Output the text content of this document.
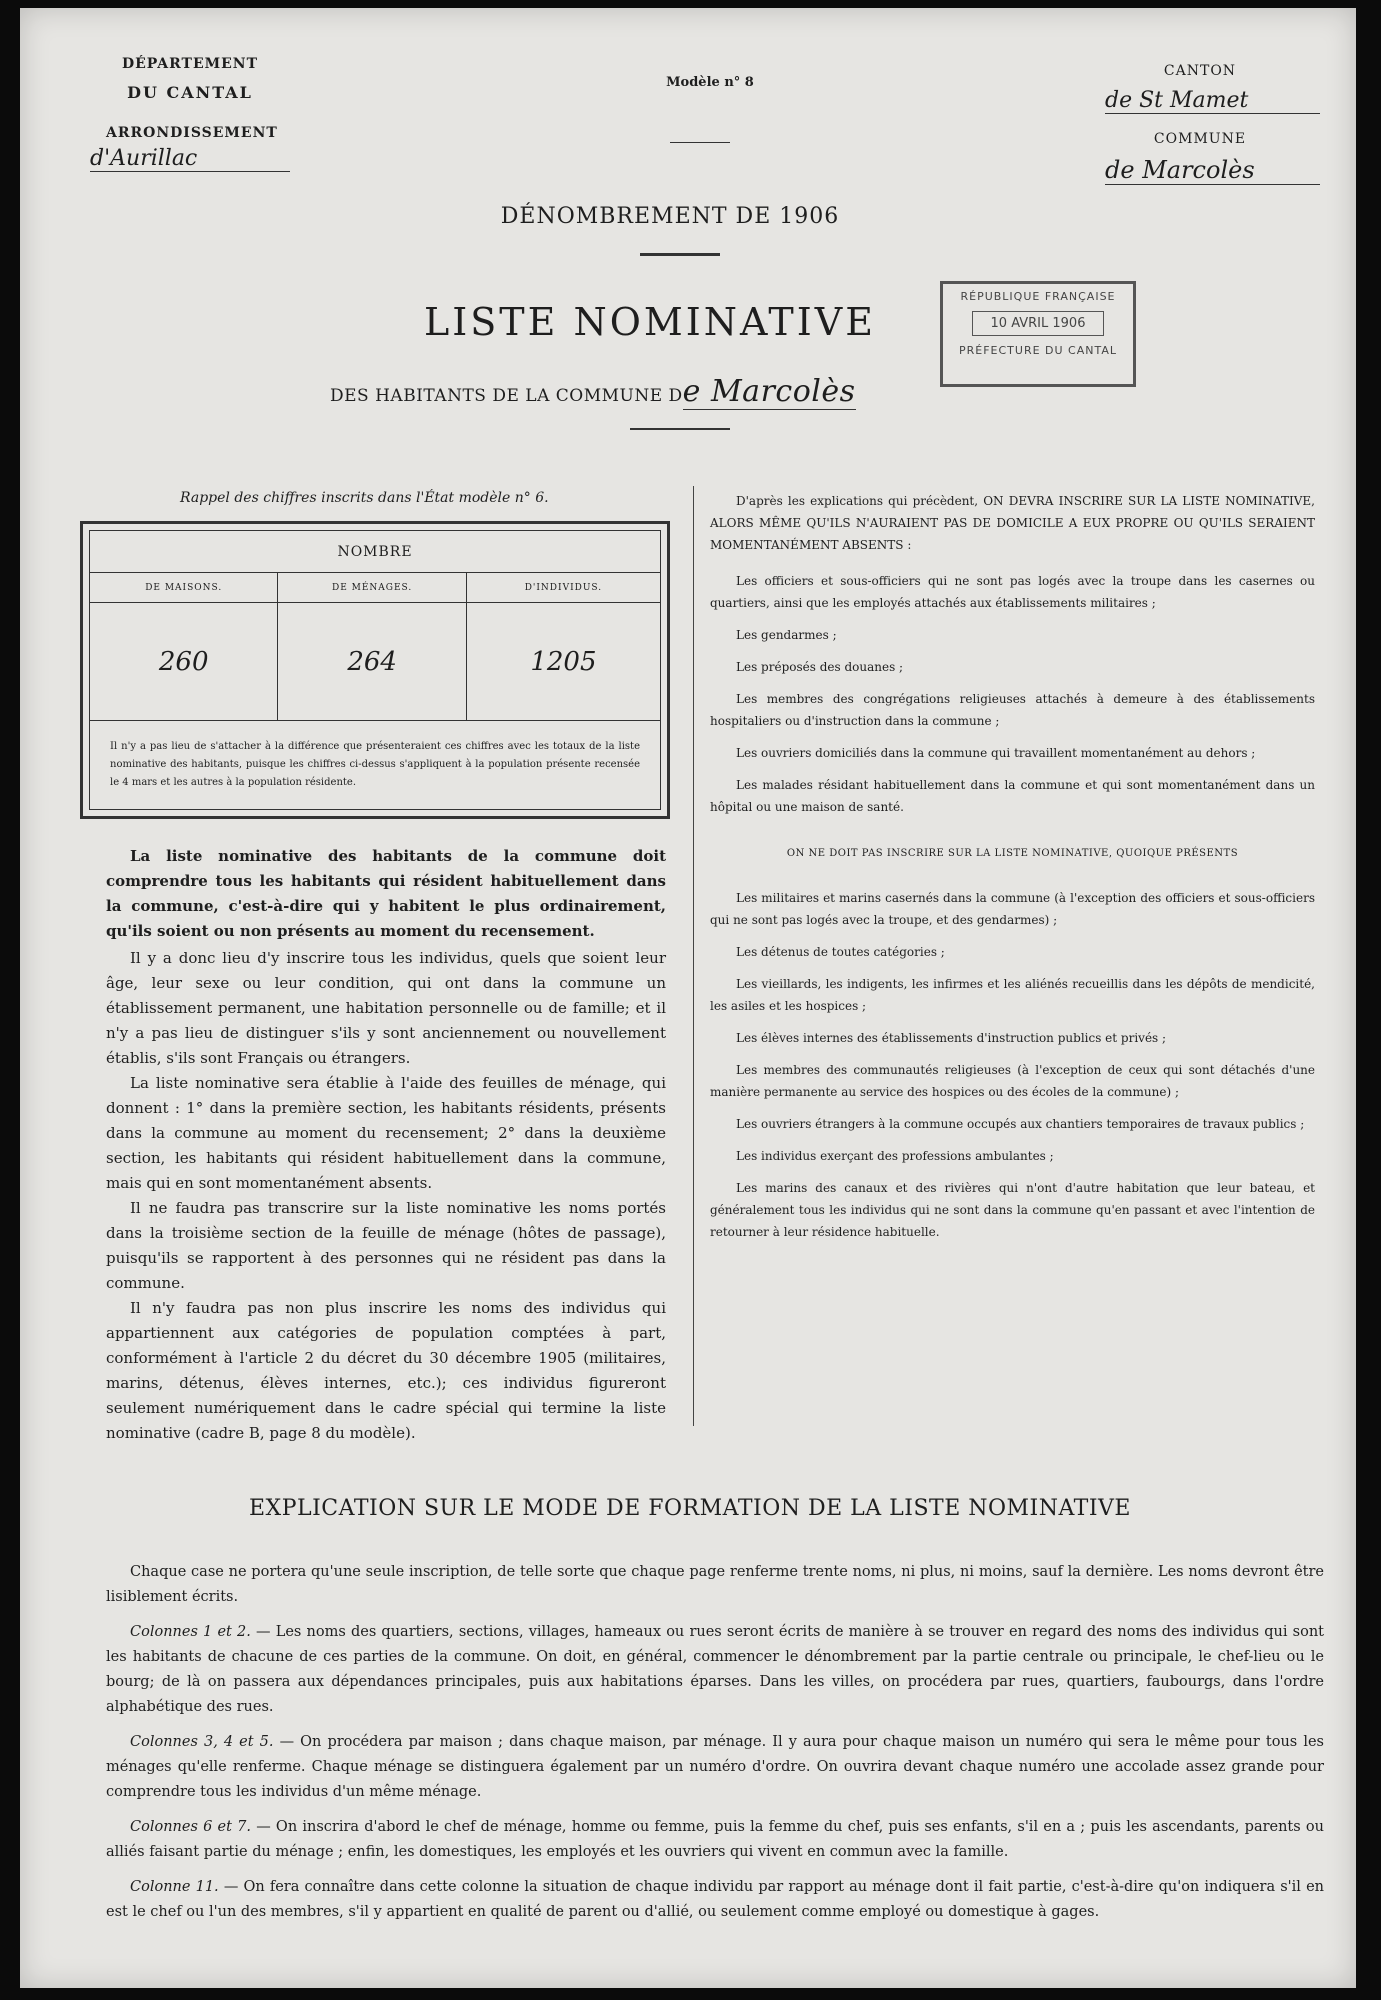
DÉPARTEMENT
DU CANTAL
ARRONDISSEMENT
d'Aurillac
Modèle n° 8
CANTON
de St Mamet
COMMUNE
de Marcolès
DÉNOMBREMENT DE 1906
LISTE NOMINATIVE
DES HABITANTS DE LA COMMUNE De Marcolès
RÉPUBLIQUE FRANÇAISE
10 AVRIL 1906
PRÉFECTURE DU CANTAL
Rappel des chiffres inscrits dans l'État modèle n° 6.
NOMBRE		
DE MAISONS.	DE MÉNAGES.	D'INDIVIDUS.
260	264	1205
Il n'y a pas lieu de s'attacher à la différence que présenteraient ces chiffres avec les totaux de la liste nominative des habitants, puisque les chiffres ci-dessus s'appliquent à la population présente recensée le 4 mars et les autres à la population résidente.		

La liste nominative des habitants de la commune doit comprendre tous les habitants qui résident habituellement dans la commune, c'est-à-dire qui y habitent le plus ordinairement, qu'ils soient ou non présents au moment du recensement.

Il y a donc lieu d'y inscrire tous les individus, quels que soient leur âge, leur sexe ou leur condition, qui ont dans la commune un établissement permanent, une habitation personnelle ou de famille; et il n'y a pas lieu de distinguer s'ils y sont anciennement ou nouvellement établis, s'ils sont Français ou étrangers.

La liste nominative sera établie à l'aide des feuilles de ménage, qui donnent : 1° dans la première section, les habitants résidents, présents dans la commune au moment du recensement; 2° dans la deuxième section, les habitants qui résident habituellement dans la commune, mais qui en sont momentanément absents.

Il ne faudra pas transcrire sur la liste nominative les noms portés dans la troisième section de la feuille de ménage (hôtes de passage), puisqu'ils se rapportent à des personnes qui ne résident pas dans la commune.

Il n'y faudra pas non plus inscrire les noms des individus qui appartiennent aux catégories de population comptées à part, conformément à l'article 2 du décret du 30 décembre 1905 (militaires, marins, détenus, élèves internes, etc.); ces individus figureront seulement numériquement dans le cadre spécial qui termine la liste nominative (cadre B, page 8 du modèle).

D'après les explications qui précèdent, ON DEVRA INSCRIRE SUR LA LISTE NOMINATIVE, ALORS MÊME QU'ILS N'AURAIENT PAS DE DOMICILE A EUX PROPRE OU QU'ILS SERAIENT MOMENTANÉMENT ABSENTS :

Les officiers et sous-officiers qui ne sont pas logés avec la troupe dans les casernes ou quartiers, ainsi que les employés attachés aux établissements militaires ;

Les gendarmes ;

Les préposés des douanes ;

Les membres des congrégations religieuses attachés à demeure à des établissements hospitaliers ou d'instruction dans la commune ;

Les ouvriers domiciliés dans la commune qui travaillent momentanément au dehors ;

Les malades résidant habituellement dans la commune et qui sont momentanément dans un hôpital ou une maison de santé.

ON NE DOIT PAS INSCRIRE SUR LA LISTE NOMINATIVE, QUOIQUE PRÉSENTS

Les militaires et marins casernés dans la commune (à l'exception des officiers et sous-officiers qui ne sont pas logés avec la troupe, et des gendarmes) ;

Les détenus de toutes catégories ;

Les vieillards, les indigents, les infirmes et les aliénés recueillis dans les dépôts de mendicité, les asiles et les hospices ;

Les élèves internes des établissements d'instruction publics et privés ;

Les membres des communautés religieuses (à l'exception de ceux qui sont détachés d'une manière permanente au service des hospices ou des écoles de la commune) ;

Les ouvriers étrangers à la commune occupés aux chantiers temporaires de travaux publics ;

Les individus exerçant des professions ambulantes ;

Les marins des canaux et des rivières qui n'ont d'autre habitation que leur bateau, et généralement tous les individus qui ne sont dans la commune qu'en passant et avec l'intention de retourner à leur résidence habituelle.

EXPLICATION SUR LE MODE DE FORMATION DE LA LISTE NOMINATIVE

Chaque case ne portera qu'une seule inscription, de telle sorte que chaque page renferme trente noms, ni plus, ni moins, sauf la dernière. Les noms devront être lisiblement écrits.

Colonnes 1 et 2. — Les noms des quartiers, sections, villages, hameaux ou rues seront écrits de manière à se trouver en regard des noms des individus qui sont les habitants de chacune de ces parties de la commune. On doit, en général, commencer le dénombrement par la partie centrale ou principale, le chef-lieu ou le bourg; de là on passera aux dépendances principales, puis aux habitations éparses. Dans les villes, on procédera par rues, quartiers, faubourgs, dans l'ordre alphabétique des rues.

Colonnes 3, 4 et 5. — On procédera par maison ; dans chaque maison, par ménage. Il y aura pour chaque maison un numéro qui sera le même pour tous les ménages qu'elle renferme. Chaque ménage se distinguera également par un numéro d'ordre. On ouvrira devant chaque numéro une accolade assez grande pour comprendre tous les individus d'un même ménage.

Colonnes 6 et 7. — On inscrira d'abord le chef de ménage, homme ou femme, puis la femme du chef, puis ses enfants, s'il en a ; puis les ascendants, parents ou alliés faisant partie du ménage ; enfin, les domestiques, les employés et les ouvriers qui vivent en commun avec la famille.

Colonne 11. — On fera connaître dans cette colonne la situation de chaque individu par rapport au ménage dont il fait partie, c'est-à-dire qu'on indiquera s'il en est le chef ou l'un des membres, s'il y appartient en qualité de parent ou d'allié, ou seulement comme employé ou domestique à gages.
